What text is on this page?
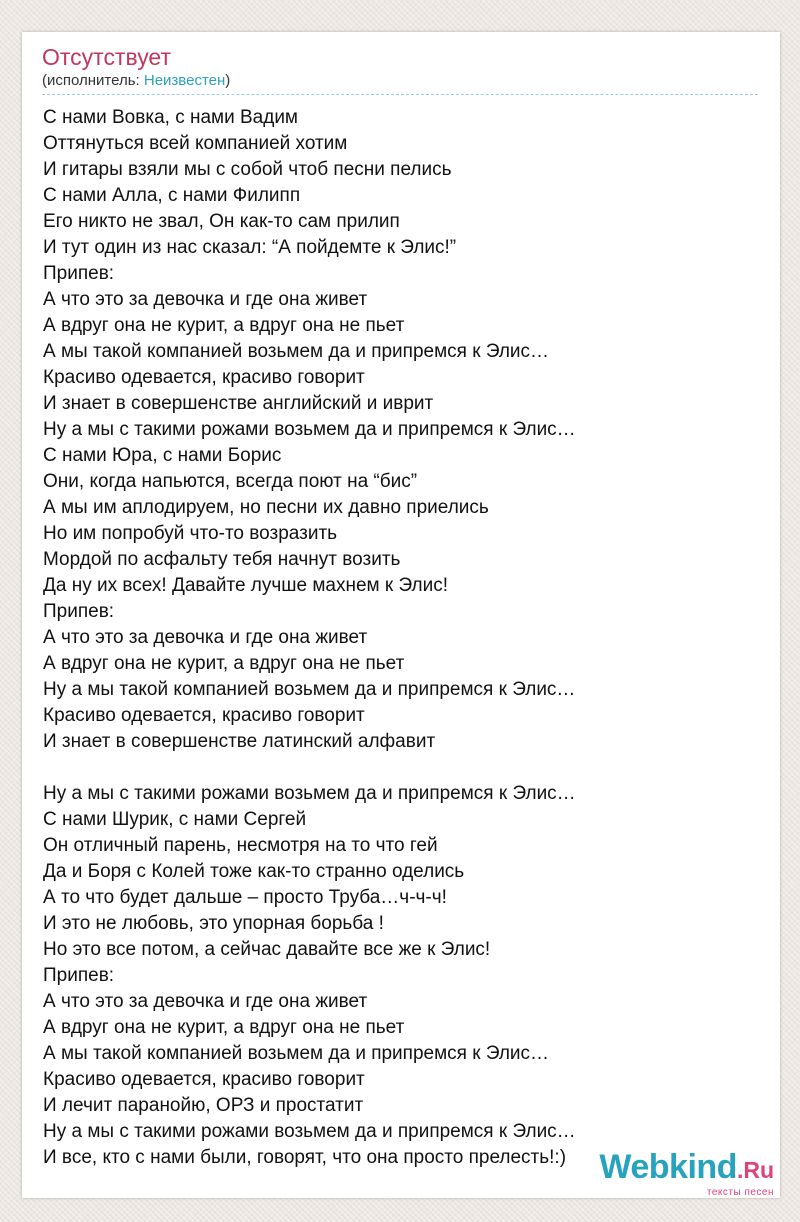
Отсутствует
(исполнитель: Неизвестен)
С нами Вовка, с нами Вадим
Оттянуться всей компанией хотим
И гитары взяли мы с собой чтоб песни пелись
С нами Алла, с нами Филипп
Его никто не звал, Он как-то сам прилип
И тут один из нас сказал: “А пойдемте к Элис!”
Припев:
А что это за девочка и где она живет
А вдруг она не курит, а вдруг она не пьет
А мы такой компанией возьмем да и припремся к Элис…
Красиво одевается, красиво говорит
И знает в совершенстве английский и иврит
Ну а мы с такими рожами возьмем да и припремся к Элис…
С нами Юра, с нами Борис
Они, когда напьются, всегда поют на “бис”
А мы им аплодируем, но песни их давно приелись
Но им попробуй что-то возразить
Мордой по асфальту тебя начнут возить
Да ну их всех! Давайте лучше махнем к Элис!
Припев:
А что это за девочка и где она живет
А вдруг она не курит, а вдруг она не пьет
Ну а мы такой компанией возьмем да и припремся к Элис…
Красиво одевается, красиво говорит
И знает в совершенстве латинский алфавит
Ну а мы с такими рожами возьмем да и припремся к Элис…
С нами Шурик, с нами Сергей
Он отличный парень, несмотря на то что гей
Да и Боря с Колей тоже как-то странно оделись
А то что будет дальше – просто Труба…ч-ч-ч!
И это не любовь, это упорная борьба !
Но это все потом, а сейчас давайте все же к Элис!
Припев:
А что это за девочка и где она живет
А вдруг она не курит, а вдруг она не пьет
А мы такой компанией возьмем да и припремся к Элис…
Красиво одевается, красиво говорит
И лечит паранойю, ОРЗ и простатит
Ну а мы с такими рожами возьмем да и припремся к Элис…
И все, кто с нами были, говорят, что она просто прелесть!:) Webkind.Ru
тексты песен
